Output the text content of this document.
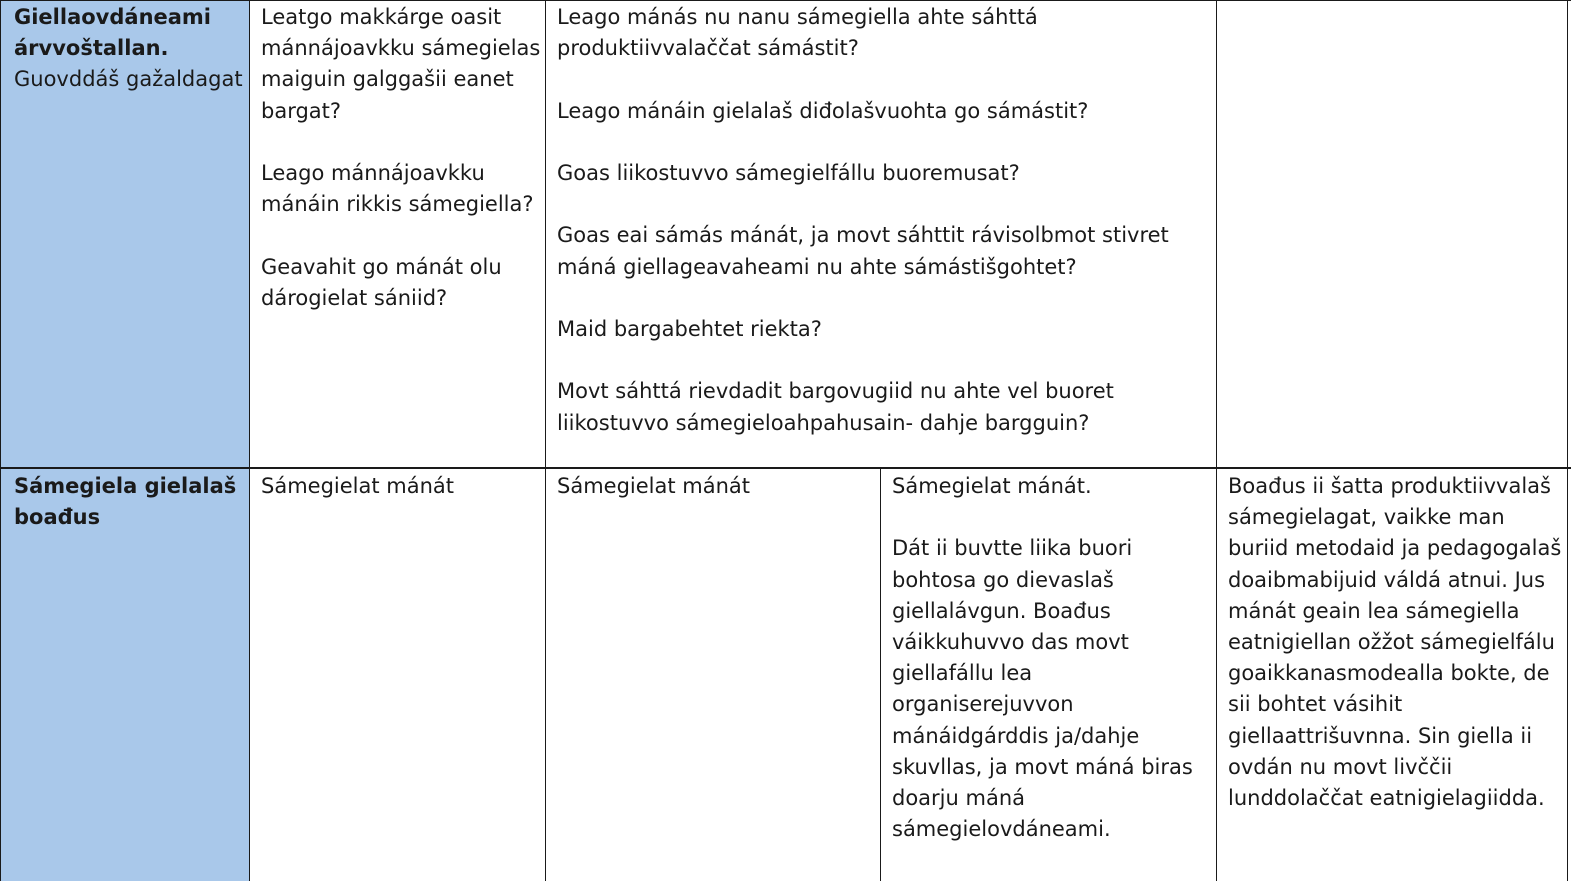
Giellaovdáneami árvvoštallan.
Guovddáš gažaldagat

Leatgo makkárge oasit mánnájoavkku sámegielas maiguin galggašii eanet bargat?

Leago mánnájoavkku mánáin rikkis sámegiella?

Geavahit go mánát olu dárogielat sániid?

Leago mánás nu nanu sámegiella ahte sáhttá produktiivvalaččat sámástit?

Leago mánáin gielalaš diđolašvuohta go sámástit?

Goas liikostuvvo sámegielfállu buoremusat?

Goas eai sámás mánát, ja movt sáhttit rávisolbmot stivret máná giellageavaheami nu ahte sámástišgohtet?

Maid bargabehtet riekta?

Movt sáhttá rievdadit bargovugiid nu ahte vel buoret liikostuvvo sámegieloahpahusain- dahje bargguin?

Sámegiela gielalaš boađus

Sámegielat mánát	Sámegielat mánát	Sámegielat mánát.

Dát ii buvtte liika buori bohtosa go dievaslaš giellalávgun. Boađus váikkuhuvvo das movt giellafállu lea organiserejuvvon mánáidgárddis ja/dahje skuvllas, ja movt máná biras doarju máná sámegielovdáneami.

Boađus ii šatta produktiivvalaš sámegielagat, vaikke man buriid metodaid ja pedagogalaš doaibmabijuid váldá atnui. Jus mánát geain lea sámegiella eatnigiellan ožžot sámegielfálu goaikkanasmodealla bokte, de sii bohtet vásihit giellaattrišuvnna. Sin giella ii ovdán nu movt livččii lunddolaččat eatnigielagiidda.
